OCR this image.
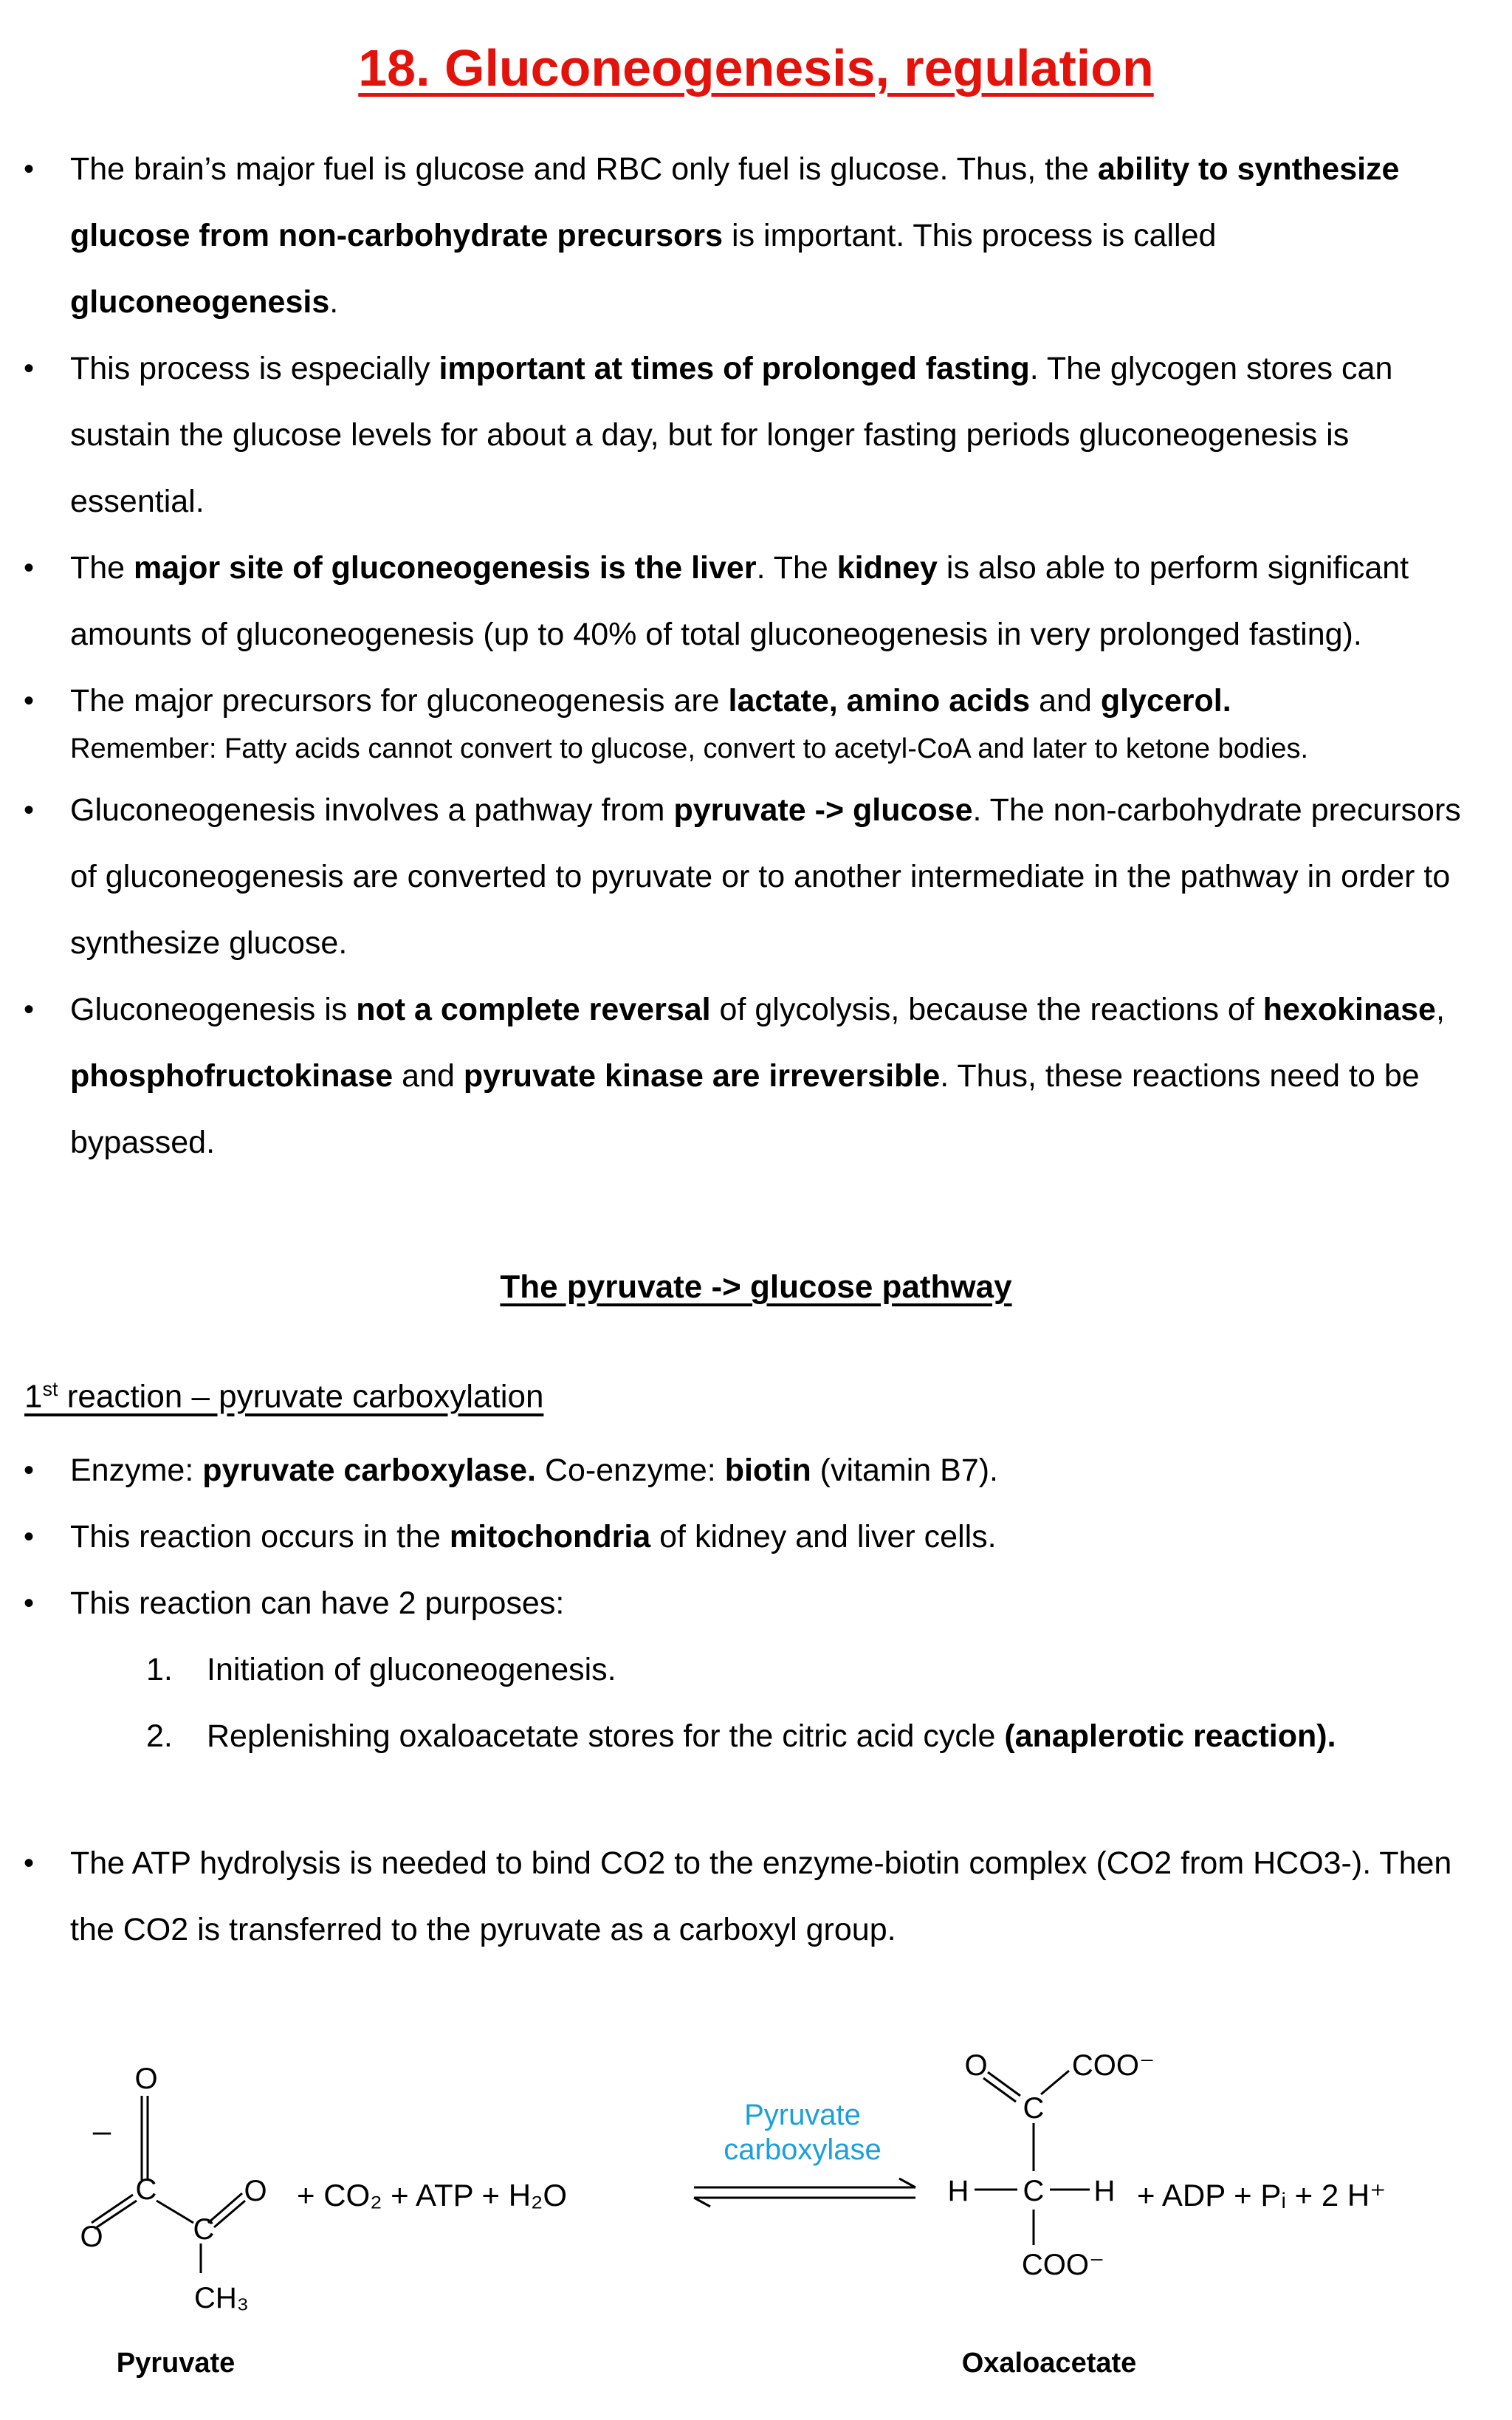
18. Gluconeogenesis, regulation
• The brain’s major fuel is glucose and RBC only fuel is glucose. Thus, the ability to synthesize glucose from non-carbohydrate precursors is important. This process is called gluconeogenesis.
• This process is especially important at times of prolonged fasting. The glycogen stores can sustain the glucose levels for about a day, but for longer fasting periods gluconeogenesis is essential.
• The major site of gluconeogenesis is the liver. The kidney is also able to perform significant amounts of gluconeogenesis (up to 40% of total gluconeogenesis in very prolonged fasting).
• The major precursors for gluconeogenesis are lactate, amino acids and glycerol.
Remember: Fatty acids cannot convert to glucose, convert to acetyl-CoA and later to ketone bodies.
• Gluconeogenesis involves a pathway from pyruvate -> glucose. The non-carbohydrate precursors of gluconeogenesis are converted to pyruvate or to another intermediate in the pathway in order to synthesize glucose.
• Gluconeogenesis is not a complete reversal of glycolysis, because the reactions of hexokinase, phosphofructokinase and pyruvate kinase are irreversible. Thus, these reactions need to be bypassed.
The pyruvate -> glucose pathway
1st reaction – pyruvate carboxylation
• Enzyme: pyruvate carboxylase. Co-enzyme: biotin (vitamin B7).
• This reaction occurs in the mitochondria of kidney and liver cells.
• This reaction can have 2 purposes:
1. Initiation of gluconeogenesis.
2. Replenishing oxaloacetate stores for the citric acid cycle (anaplerotic reaction).
• The ATP hydrolysis is needed to bind CO2 to the enzyme-biotin complex (CO2 from HCO3-). Then the CO2 is transferred to the pyruvate as a carboxyl group.
O
–
C
O	C
O
CH₃
Pyruvate
+ CO₂ + ATP + H₂O
Pyruvate
carboxylase
O	COO⁻
C
H C H
COO⁻
Oxaloacetate
+ ADP + Pᵢ + 2 H⁺
